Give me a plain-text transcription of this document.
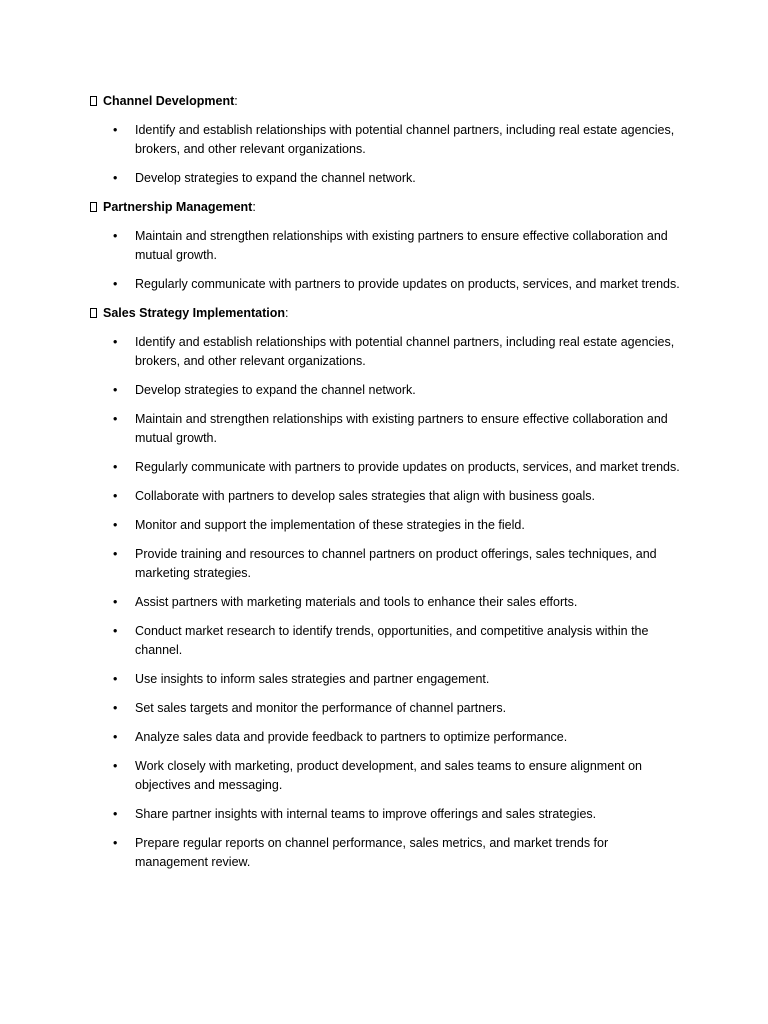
Channel Development :
• Identify and establish relationships with potential channel partners, including real estate agencies, brokers, and other relevant organizations.
• Develop strategies to expand the channel network.
Partnership Management :
• Maintain and strengthen relationships with existing partners to ensure effective collaboration and mutual growth.
• Regularly communicate with partners to provide updates on products, services, and market trends.
Sales Strategy Implementation :
• Identify and establish relationships with potential channel partners, including real estate agencies, brokers, and other relevant organizations.
• Develop strategies to expand the channel network.
• Maintain and strengthen relationships with existing partners to ensure effective collaboration and mutual growth.
• Regularly communicate with partners to provide updates on products, services, and market trends.
• Collaborate with partners to develop sales strategies that align with business goals.
• Monitor and support the implementation of these strategies in the field.
• Provide training and resources to channel partners on product offerings, sales techniques, and marketing strategies.
• Assist partners with marketing materials and tools to enhance their sales efforts.
• Conduct market research to identify trends, opportunities, and competitive analysis within the channel.
• Use insights to inform sales strategies and partner engagement.
• Set sales targets and monitor the performance of channel partners.
• Analyze sales data and provide feedback to partners to optimize performance.
• Work closely with marketing, product development, and sales teams to ensure alignment on objectives and messaging.
• Share partner insights with internal teams to improve offerings and sales strategies.
• Prepare regular reports on channel performance, sales metrics, and market trends for management review.
